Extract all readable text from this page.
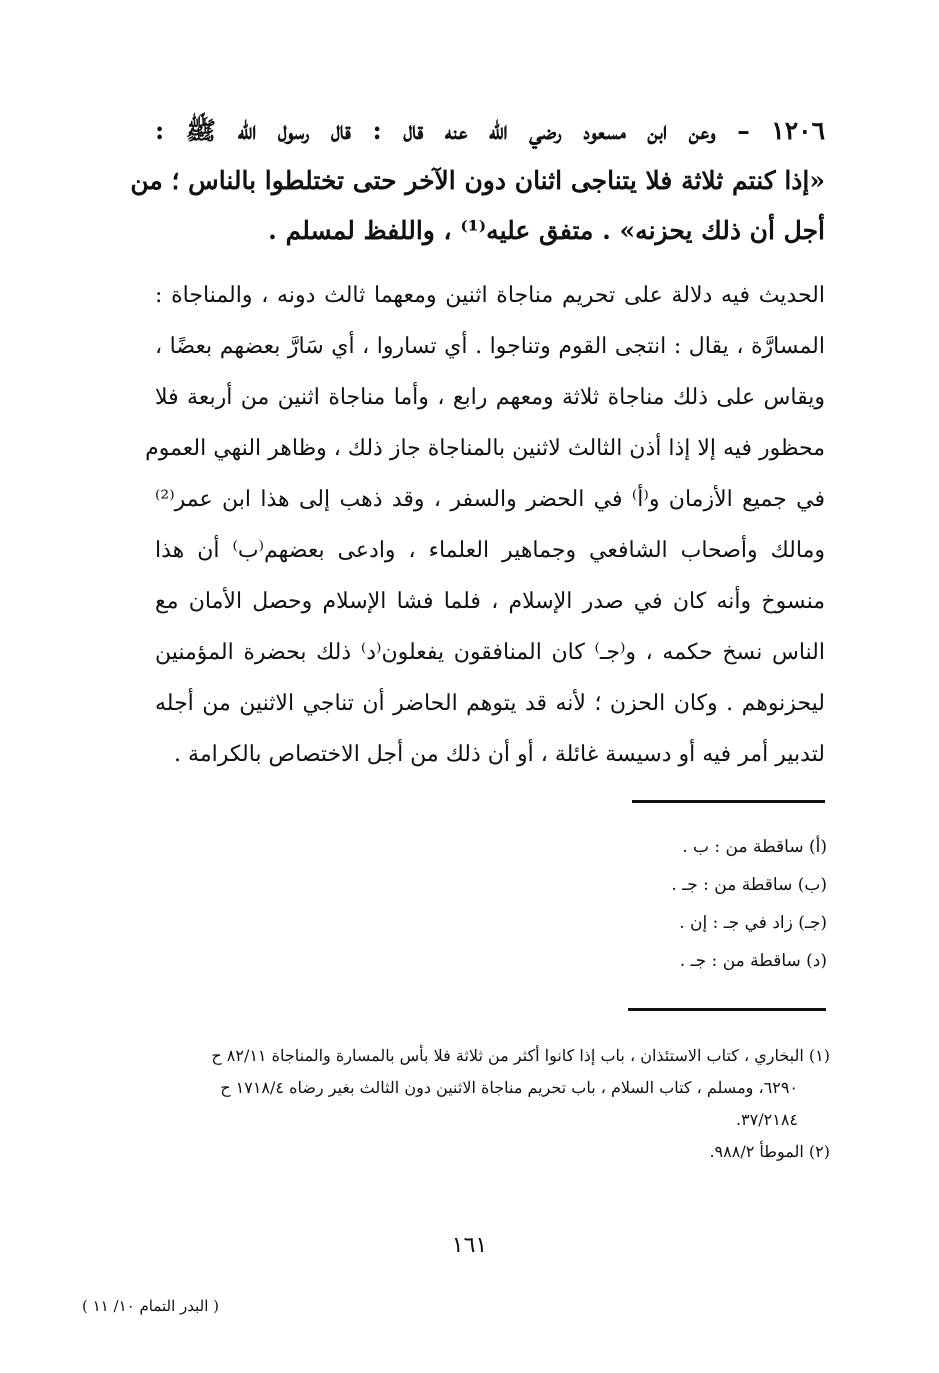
١٢٠٦ – وعن ابن مسعود رضي الله عنه قال : قال رسول الله ﷺ :
«إذا كنتم ثلاثة فلا يتناجى اثنان دون الآخر حتى تختلطوا بالناس ؛ من
أجل أن ذلك يحزنه» . متفق عليه⁽¹⁾ ، واللفظ لمسلم .
الحديث فيه دلالة على تحريم مناجاة اثنين ومعهما ثالث دونه ، والمناجاة :
المسارَّة ، يقال : انتجى القوم وتناجوا . أي تساروا ، أي سَارَّ بعضهم بعضًا ،
ويقاس على ذلك مناجاة ثلاثة ومعهم رابع ، وأما مناجاة اثنين من أربعة فلا
محظور فيه إلا إذا أذن الثالث لاثنين بالمناجاة جاز ذلك ، وظاهر النهي العموم
في جميع الأزمان و⁽أ⁾ في الحضر والسفر ، وقد ذهب إلى هذا ابن عمر⁽²⁾
ومالك وأصحاب الشافعي وجماهير العلماء ، وادعى بعضهم⁽ب⁾ أن هذا
منسوخ وأنه كان في صدر الإسلام ، فلما فشا الإسلام وحصل الأمان مع
الناس نسخ حكمه ، و⁽جـ⁾ كان المنافقون يفعلون⁽د⁾ ذلك بحضرة المؤمنين
ليحزنوهم . وكان الحزن ؛ لأنه قد يتوهم الحاضر أن تناجي الاثنين من أجله
لتدبير أمر فيه أو دسيسة غائلة ، أو أن ذلك من أجل الاختصاص بالكرامة .
(أ) ساقطة من : ب .
(ب) ساقطة من : جـ .
(جـ) زاد في جـ : إن .
(د) ساقطة من : جـ .
(١) البخاري ، كتاب الاستئذان ، باب إذا كانوا أكثر من ثلاثة فلا بأس بالمسارة والمناجاة ٨٢/١١ ح
٦٢٩٠، ومسلم ، كتاب السلام ، باب تحريم مناجاة الاثنين دون الثالث بغير رضاه ١٧١٨/٤ ح
٣٧/٢١٨٤.
(٢) الموطأ ٩٨٨/٢.
١٦١
( البدر التمام ١٠/ ١١ )
